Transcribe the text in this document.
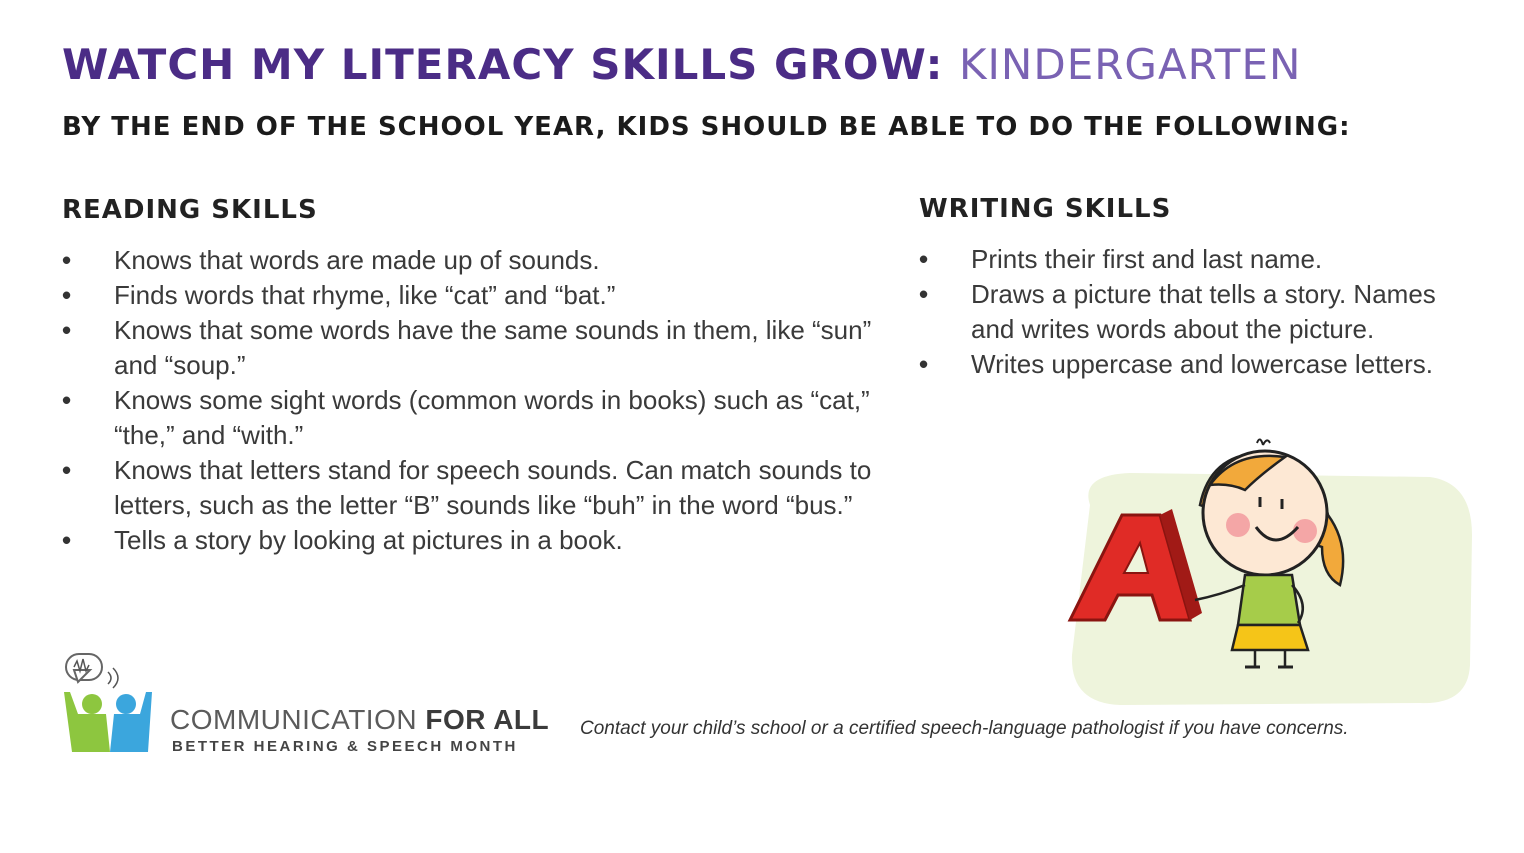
WATCH MY LITERACY SKILLS GROW: KINDERGARTEN
BY THE END OF THE SCHOOL YEAR, KIDS SHOULD BE ABLE TO DO THE FOLLOWING:
READING SKILLS
•	Knows that words are made up of sounds.
•	Finds words that rhyme, like “cat” and “bat.”
•	Knows that some words have the same sounds in them, like “sun” and “soup.”
•	Knows some sight words (common words in books) such as “cat,” “the,” and “with.”
•	Knows that letters stand for speech sounds. Can match sounds to letters, such as the letter “B” sounds like “buh” in the word “bus.”
•	Tells a story by looking at pictures in a book.
WRITING SKILLS
•	Prints their first and last name.
•	Draws a picture that tells a story. Names and writes words about the picture.
•	Writes uppercase and lowercase letters.
A
COMMUNICATION FOR ALL
BETTER HEARING & SPEECH MONTH
Contact your child’s school or a certified speech-language pathologist if you have concerns.
